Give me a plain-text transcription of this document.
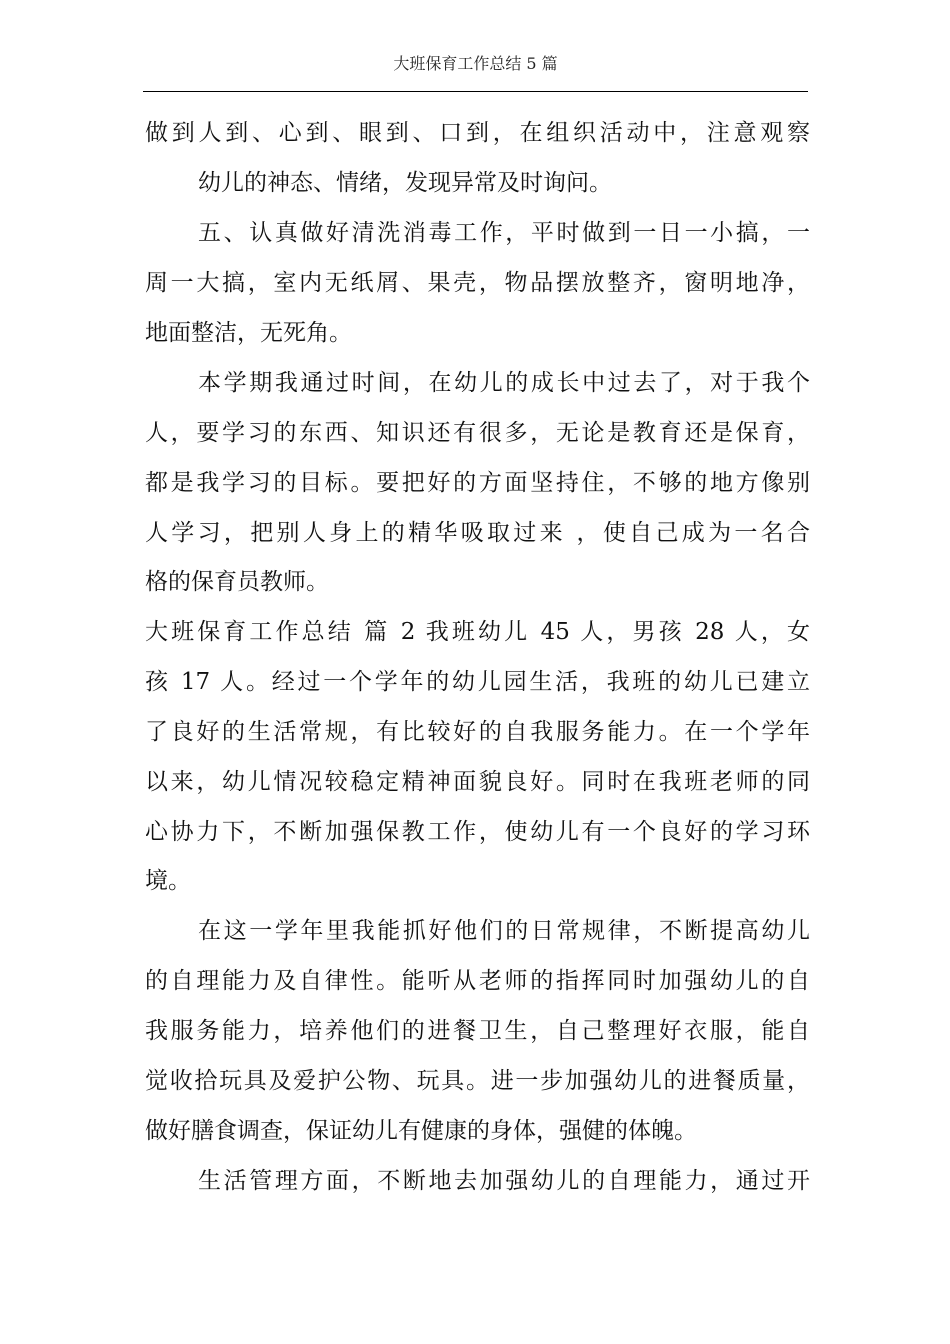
大班保育工作总结 5 篇
做到人到、心到、眼到、口到，在组织活动中，注意观察
幼儿的神态、情绪，发现异常及时询问。
五、认真做好清洗消毒工作，平时做到一日一小搞，一
周一大搞，室内无纸屑、果壳，物品摆放整齐，窗明地净，
地面整洁，无死角。
本学期我通过时间，在幼儿的成长中过去了，对于我个
人，要学习的东西、知识还有很多，无论是教育还是保育，
都是我学习的目标。要把好的方面坚持住，不够的地方像别
人学习，把别人身上的精华吸取过来 ，使自己成为一名合
格的保育员教师。
大班保育工作总结 篇 2 我班幼儿 45 人，男孩 28 人，女
孩 17 人。经过一个学年的幼儿园生活，我班的幼儿已建立
了良好的生活常规，有比较好的自我服务能力。在一个学年
以来，幼儿情况较稳定精神面貌良好。同时在我班老师的同
心协力下，不断加强保教工作，使幼儿有一个良好的学习环
境。
在这一学年里我能抓好他们的日常规律，不断提高幼儿
的自理能力及自律性。能听从老师的指挥同时加强幼儿的自
我服务能力，培养他们的进餐卫生，自己整理好衣服，能自
觉收拾玩具及爱护公物、玩具。进一步加强幼儿的进餐质量，
做好膳食调查，保证幼儿有健康的身体，强健的体魄。
生活管理方面，不断地去加强幼儿的自理能力，通过开
